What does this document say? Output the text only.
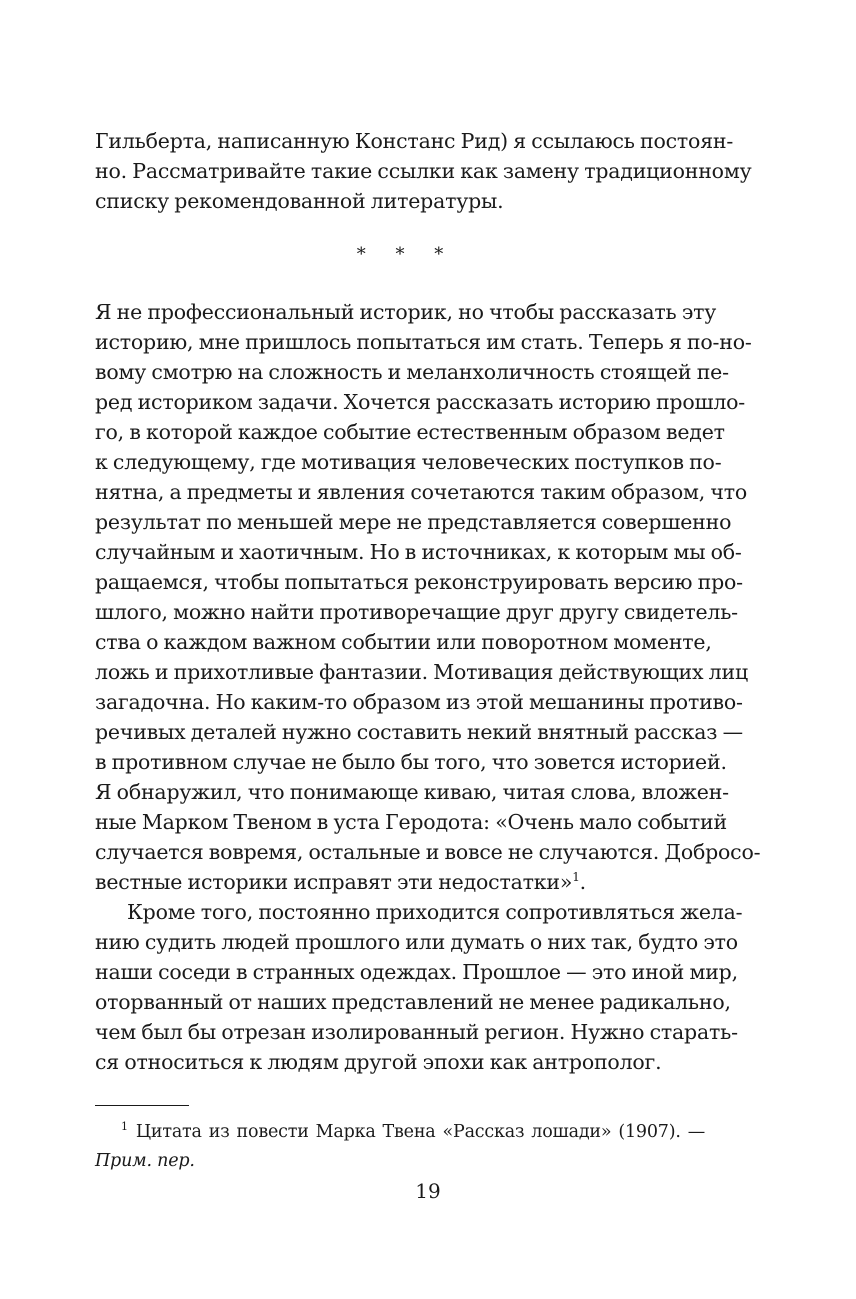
Гильберта, написанную Констанс Рид) я ссылаюсь постоян-
но. Рассматривайте такие ссылки как замену традиционному
списку рекомендованной литературы.
* * *
Я не профессиональный историк, но чтобы рассказать эту
историю, мне пришлось попытаться им стать. Теперь я по-но-
вому смотрю на сложность и меланхоличность стоящей пе-
ред историком задачи. Хочется рассказать историю прошло-
го, в которой каждое событие естественным образом ведет
к следующему, где мотивация человеческих поступков по-
нятна, а предметы и явления сочетаются таким образом, что
результат по меньшей мере не представляется совершенно
случайным и хаотичным. Но в источниках, к которым мы об-
ращаемся, чтобы попытаться реконструировать версию про-
шлого, можно найти противоречащие друг другу свидетель-
ства о каждом важном событии или поворотном моменте,
ложь и прихотливые фантазии. Мотивация действующих лиц
загадочна. Но каким-то образом из этой мешанины противо-
речивых деталей нужно составить некий внятный рассказ —
в противном случае не было бы того, что зовется историей.
Я обнаружил, что понимающе киваю, читая слова, вложен-
ные Марком Твеном в уста Геродота: «Очень мало событий
случается вовремя, остальные и вовсе не случаются. Добросо-
вестные историки исправят эти недостатки»$^1$.
Кроме того, постоянно приходится сопротивляться жела-
нию судить людей прошлого или думать о них так, будто это
наши соседи в странных одеждах. Прошлое — это иной мир,
оторванный от наших представлений не менее радикально,
чем был бы отрезан изолированный регион. Нужно старать-
ся относиться к людям другой эпохи как антрополог.
$^1$ Цитата из повести Марка Твена «Рассказ лошади» (1907). —
Прим. пер.
19
